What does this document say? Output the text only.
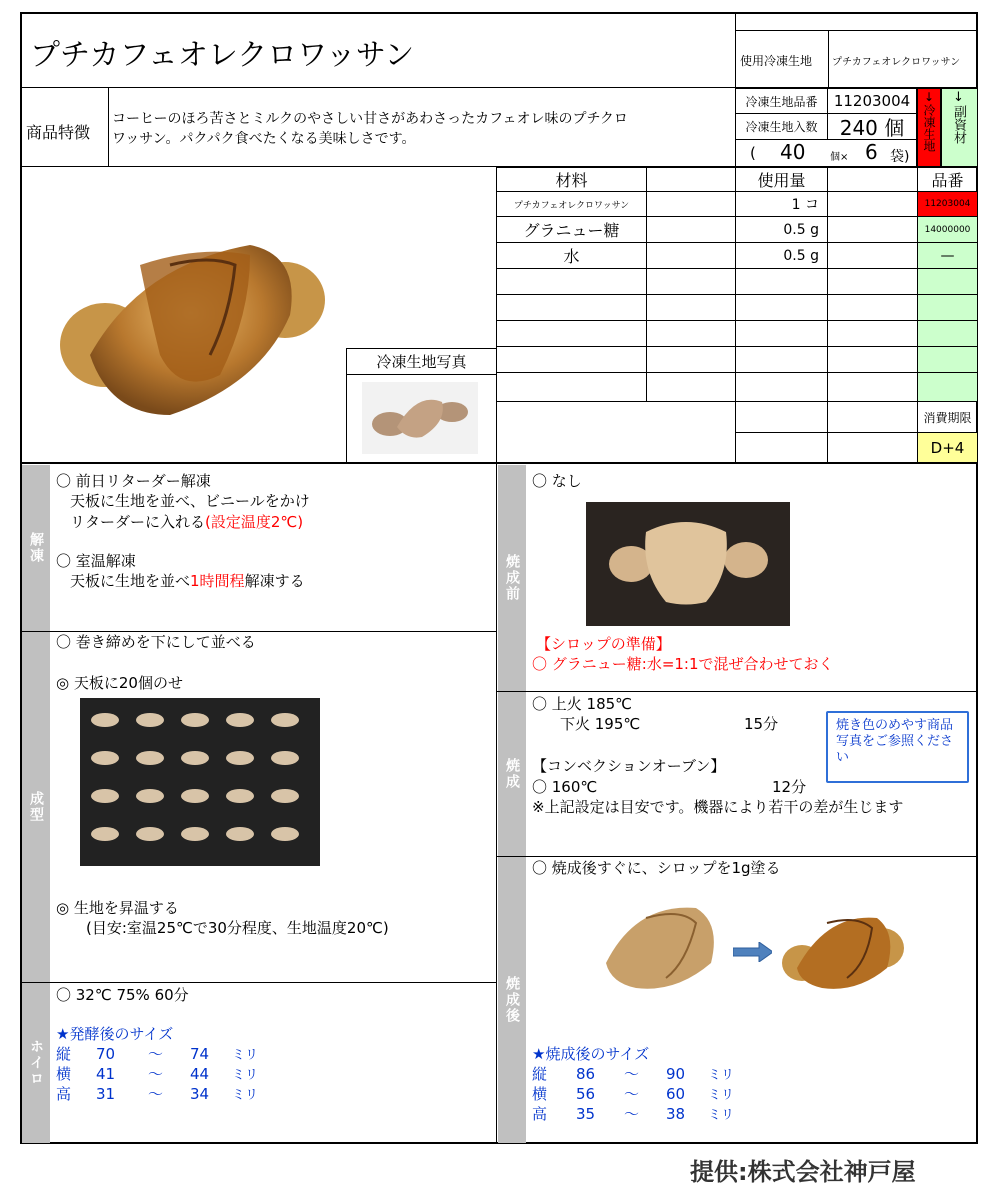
プチカフェオレクロワッサン	使用冷凍生地 プチカフェオレクロワッサン
商品特徴
コーヒーのほろ苦さとミルクのやさしい甘さがあわさったカフェオレ味のプチクロ
ワッサン。パクパク食べたくなる美味しさです。
冷凍生地品番 11203004
冷凍生地入数 240 個
( 40 個× 6 袋)
↓冷凍生地 ↓副資材
材料	使用量	品番
プチカフェオレクロワッサン	1 コ	11203004
グラニュー糖	0.5 g	14000000
水	0.5 g	—
消費期限
D+4
冷凍生地写真
解凍
成型
ホイロ
〇 前日リターダー解凍
天板に生地を並べ、ビニールをかけ
リターダーに入れる(設定温度2℃)
〇 室温解凍
天板に生地を並べ1時間程解凍する
〇 巻き締めを下にして並べる
◎ 天板に20個のせ
◎ 生地を昇温する
(目安:室温25℃で30分程度、生地温度20℃)
〇 32℃ 75% 60分
★発酵後のサイズ
縦 70 ～ 74 ミリ
横 41 ～ 44 ミリ
高 31 ～ 34 ミリ
焼成前
焼成
焼成後
〇 なし
【シロップの準備】
〇 グラニュー糖:水=1:1で混ぜ合わせておく
〇 上火 185℃
下火 195℃	15分
【コンベクションオーブン】
〇 160℃	12分
※上記設定は目安です。機器により若干の差が生じます
焼き色のめやす商品写真をご参照ください
〇 焼成後すぐに、シロップを1g塗る
★焼成後のサイズ
縦 86 ～ 90 ミリ
横 56 ～ 60 ミリ
高 35 ～ 38 ミリ
提供:株式会社神戸屋
